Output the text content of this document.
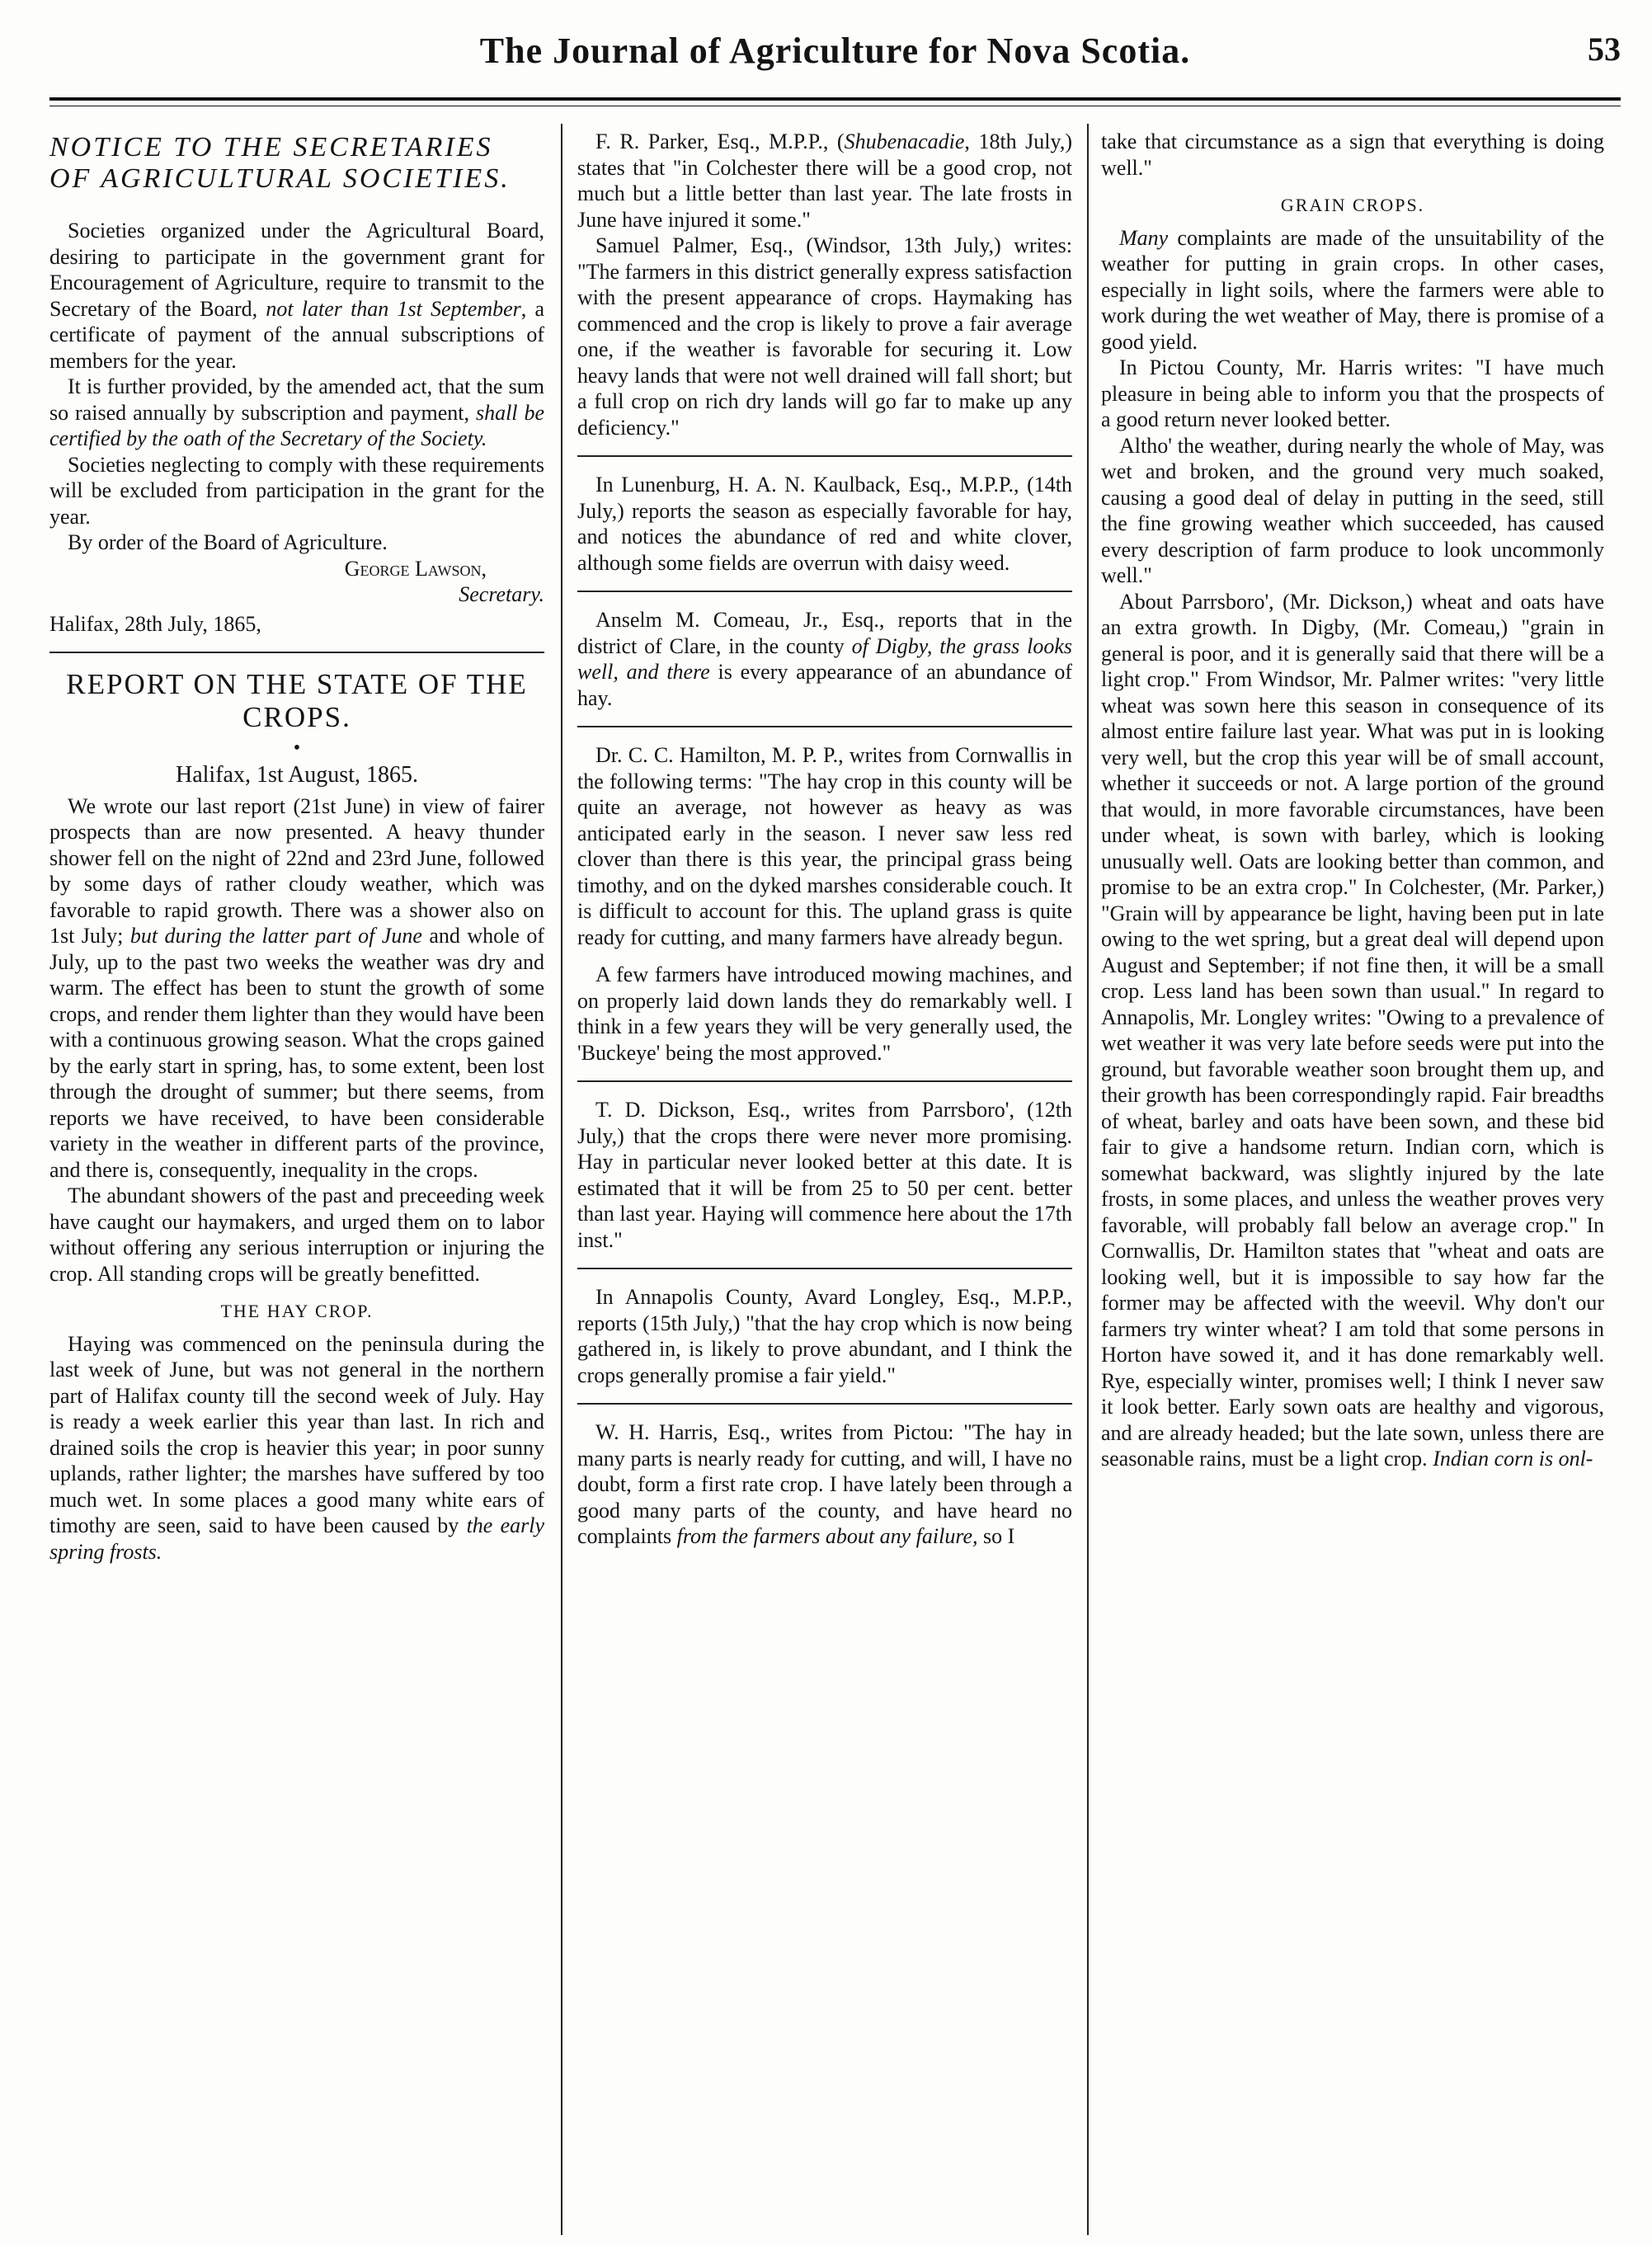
The Journal of Agriculture for Nova Scotia.	53
NOTICE TO THE SECRETARIES OF AGRICULTURAL SOCIETIES.

Societies organized under the Agricultural Board, desiring to participate in the government grant for Encouragement of Agriculture, require to transmit to the Secretary of the Board, not later than 1st September, a certificate of payment of the annual subscriptions of members for the year.

It is further provided, by the amended act, that the sum so raised annually by subscription and payment, shall be certified by the oath of the Secretary of the Society.

Societies neglecting to comply with these requirements will be excluded from participation in the grant for the year.

By order of the Board of Agriculture.

George Lawson,
Secretary.
Halifax, 28th July, 1865,
REPORT ON THE STATE OF THE CROPS.
•
Halifax, 1st August, 1865.

We wrote our last report (21st June) in view of fairer prospects than are now presented. A heavy thunder shower fell on the night of 22nd and 23rd June, followed by some days of rather cloudy weather, which was favorable to rapid growth. There was a shower also on 1st July; but during the latter part of June and whole of July, up to the past two weeks the weather was dry and warm. The effect has been to stunt the growth of some crops, and render them lighter than they would have been with a continuous growing season. What the crops gained by the early start in spring, has, to some extent, been lost through the drought of summer; but there seems, from reports we have received, to have been considerable variety in the weather in different parts of the province, and there is, consequently, inequality in the crops.

The abundant showers of the past and preceeding week have caught our haymakers, and urged them on to labor without offering any serious interruption or injuring the crop. All standing crops will be greatly benefitted.

THE HAY CROP.

Haying was commenced on the peninsula during the last week of June, but was not general in the northern part of Halifax county till the second week of July. Hay is ready a week earlier this year than last. In rich and drained soils the crop is heavier this year; in poor sunny uplands, rather lighter; the marshes have suffered by too much wet. In some places a good many white ears of timothy are seen, said to have been caused by the early spring frosts.

F. R. Parker, Esq., M.P.P., (Shubenacadie, 18th July,) states that "in Colchester there will be a good crop, not much but a little better than last year. The late frosts in June have injured it some."

Samuel Palmer, Esq., (Windsor, 13th July,) writes: "The farmers in this district generally express satisfaction with the present appearance of crops. Haymaking has commenced and the crop is likely to prove a fair average one, if the weather is favorable for securing it. Low heavy lands that were not well drained will fall short; but a full crop on rich dry lands will go far to make up any deficiency."

In Lunenburg, H. A. N. Kaulback, Esq., M.P.P., (14th July,) reports the season as especially favorable for hay, and notices the abundance of red and white clover, although some fields are overrun with daisy weed.

Anselm M. Comeau, Jr., Esq., reports that in the district of Clare, in the county of Digby, the grass looks well, and there is every appearance of an abundance of hay.

Dr. C. C. Hamilton, M. P. P., writes from Cornwallis in the following terms: "The hay crop in this county will be quite an average, not however as heavy as was anticipated early in the season. I never saw less red clover than there is this year, the principal grass being timothy, and on the dyked marshes considerable couch. It is difficult to account for this. The upland grass is quite ready for cutting, and many farmers have already begun.

A few farmers have introduced mowing machines, and on properly laid down lands they do remarkably well. I think in a few years they will be very generally used, the 'Buckeye' being the most approved."

T. D. Dickson, Esq., writes from Parrsboro', (12th July,) that the crops there were never more promising. Hay in particular never looked better at this date. It is estimated that it will be from 25 to 50 per cent. better than last year. Haying will commence here about the 17th inst."

In Annapolis County, Avard Longley, Esq., M.P.P., reports (15th July,) "that the hay crop which is now being gathered in, is likely to prove abundant, and I think the crops generally promise a fair yield."

W. H. Harris, Esq., writes from Pictou: "The hay in many parts is nearly ready for cutting, and will, I have no doubt, form a first rate crop. I have lately been through a good many parts of the county, and have heard no complaints from the farmers about any failure, so I

take that circumstance as a sign that everything is doing well."

GRAIN CROPS.

Many complaints are made of the unsuitability of the weather for putting in grain crops. In other cases, especially in light soils, where the farmers were able to work during the wet weather of May, there is promise of a good yield.

In Pictou County, Mr. Harris writes: "I have much pleasure in being able to inform you that the prospects of a good return never looked better.

Altho' the weather, during nearly the whole of May, was wet and broken, and the ground very much soaked, causing a good deal of delay in putting in the seed, still the fine growing weather which succeeded, has caused every description of farm produce to look uncommonly well."

About Parrsboro', (Mr. Dickson,) wheat and oats have an extra growth. In Digby, (Mr. Comeau,) "grain in general is poor, and it is generally said that there will be a light crop." From Windsor, Mr. Palmer writes: "very little wheat was sown here this season in consequence of its almost entire failure last year. What was put in is looking very well, but the crop this year will be of small account, whether it succeeds or not. A large portion of the ground that would, in more favorable circumstances, have been under wheat, is sown with barley, which is looking unusually well. Oats are looking better than common, and promise to be an extra crop." In Colchester, (Mr. Parker,) "Grain will by appearance be light, having been put in late owing to the wet spring, but a great deal will depend upon August and September; if not fine then, it will be a small crop. Less land has been sown than usual." In regard to Annapolis, Mr. Longley writes: "Owing to a prevalence of wet weather it was very late before seeds were put into the ground, but favorable weather soon brought them up, and their growth has been correspondingly rapid. Fair breadths of wheat, barley and oats have been sown, and these bid fair to give a handsome return. Indian corn, which is somewhat backward, was slightly injured by the late frosts, in some places, and unless the weather proves very favorable, will probably fall below an average crop." In Cornwallis, Dr. Hamilton states that "wheat and oats are looking well, but it is impossible to say how far the former may be affected with the weevil. Why don't our farmers try winter wheat? I am told that some persons in Horton have sowed it, and it has done remarkably well. Rye, especially winter, promises well; I think I never saw it look better. Early sown oats are healthy and vigorous, and are already headed; but the late sown, unless there are seasonable rains, must be a light crop. Indian corn is onl-
